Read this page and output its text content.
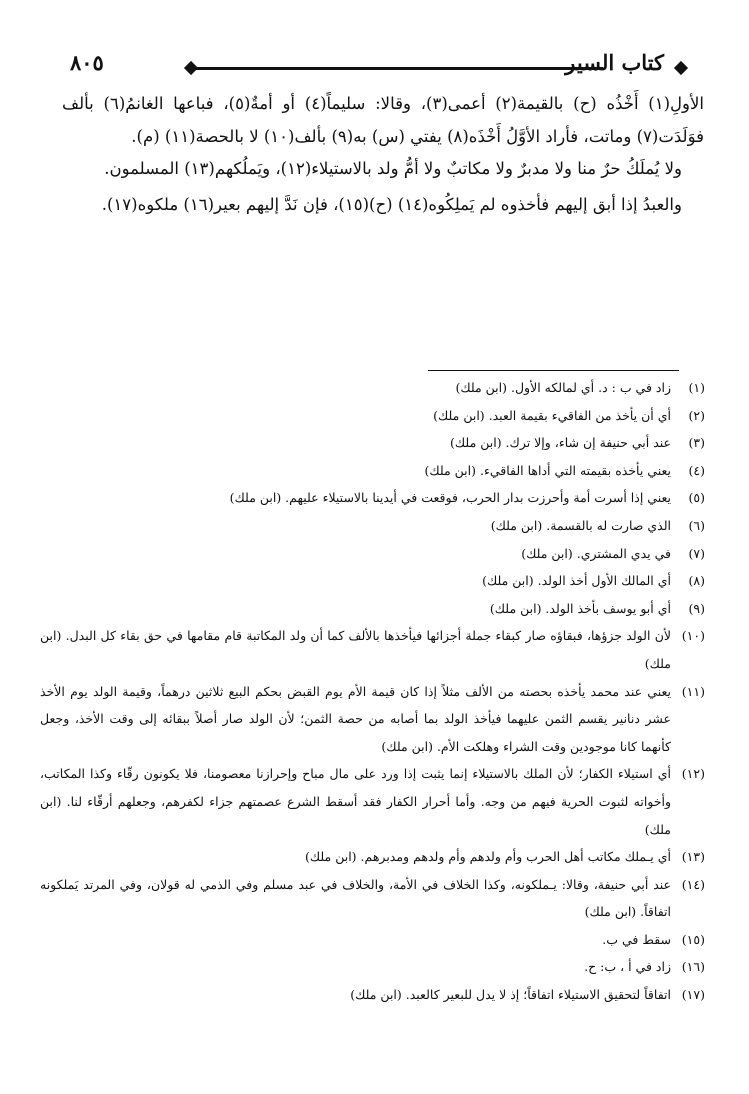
٨٠٥	كتاب السير

الأولِ(١) أَخْذُه (ح) بالقيمة(٢) أعمى(٣)، وقالا: سليماً(٤) أو أمةٌ(٥)، فباعها الغانمُ(٦) بألف فوَلَدَت(٧) وماتت، فأراد الأوَّلُ أَخْذَه(٨) يفتي (س) به(٩) بألف(١٠) لا بالحصة(١١) (م).

ولا يُملَكُ حرٌ منا ولا مدبرٌ ولا مكاتبٌ ولا أمُّ ولد بالاستيلاء(١٢)، ويَملُكهم(١٣) المسلمون.

والعبدُ إذا أبق إليهم فأخذوه لم يَملِكُوه(١٤) (ح)(١٥)، فإن نَدَّ إليهم بعير(١٦) ملكوه(١٧).

(١)
زاد في ب : د. أي لمالكه الأول. (ابن ملك)
(٢)
أي أن يأخذ من الفاقيء بقيمة العبد. (ابن ملك)
(٣)
عند أبي حنيفة إن شاء، وإلا ترك. (ابن ملك)
(٤)
يعني يأخذه بقيمته التي أداها الفاقيء. (ابن ملك)
(٥)
يعني إذا أسرت أمة وأحرزت بدار الحرب، فوقعت في أيدينا بالاستيلاء عليهم. (ابن ملك)
(٦)
الذي صارت له بالقسمة. (ابن ملك)
(٧)
في يدي المشتري. (ابن ملك)
(٨)
أي المالك الأول أخذ الولد. (ابن ملك)
(٩)
أي أبو يوسف بأخذ الولد. (ابن ملك)
(١٠)
لأن الولد جزؤها، فبقاؤه صار كبقاء جملة أجزائها فيأخذها بالألف كما أن ولد المكاتبة قام مقامها في حق بقاء كل البدل. (ابن ملك)
(١١)
يعني عند محمد يأخذه بحصته من الألف مثلاً إذا كان قيمة الأم يوم القبض بحكم البيع ثلاثين درهماً، وقيمة الولد يوم الأخذ عشر دنانير يقسم الثمن عليهما فيأخذ الولد بما أصابه من حصة الثمن؛ لأن الولد صار أصلاً ببقائه إلى وقت الأخذ، وجعل كأنهما كانا موجودين وقت الشراء وهلكت الأم. (ابن ملك)
(١٢)
أي استيلاء الكفار؛ لأن الملك بالاستيلاء إنما يثبت إذا ورد على مال مباح وإحرازنا معصومنا، فلا يكونون رقّاء وكذا المكاتب، وأخواته لثبوت الحرية فيهم من وجه. وأما أحرار الكفار فقد أسقط الشرع عصمتهم جزاء لكفرهم، وجعلهم أرقّاء لنا. (ابن ملك)
(١٣)
أي يـملك مكاتب أهل الحرب وأم ولدهم وأم ولدهم ومدبرهم. (ابن ملك)
(١٤)
عند أبي حنيفة، وقالا: يـملكونه، وكذا الخلاف في الأمة، والخلاف في عبد مسلم وفي الذمي له قولان، وفي المرتد يَملكونه اتفاقاً. (ابن ملك)
(١٥)
سقط في ب.
(١٦)
زاد في أ ، ب: ح.
(١٧)
اتفاقاً لتحقيق الاستيلاء اتفاقاً؛ إذ لا يدل للبعير كالعبد. (ابن ملك)
